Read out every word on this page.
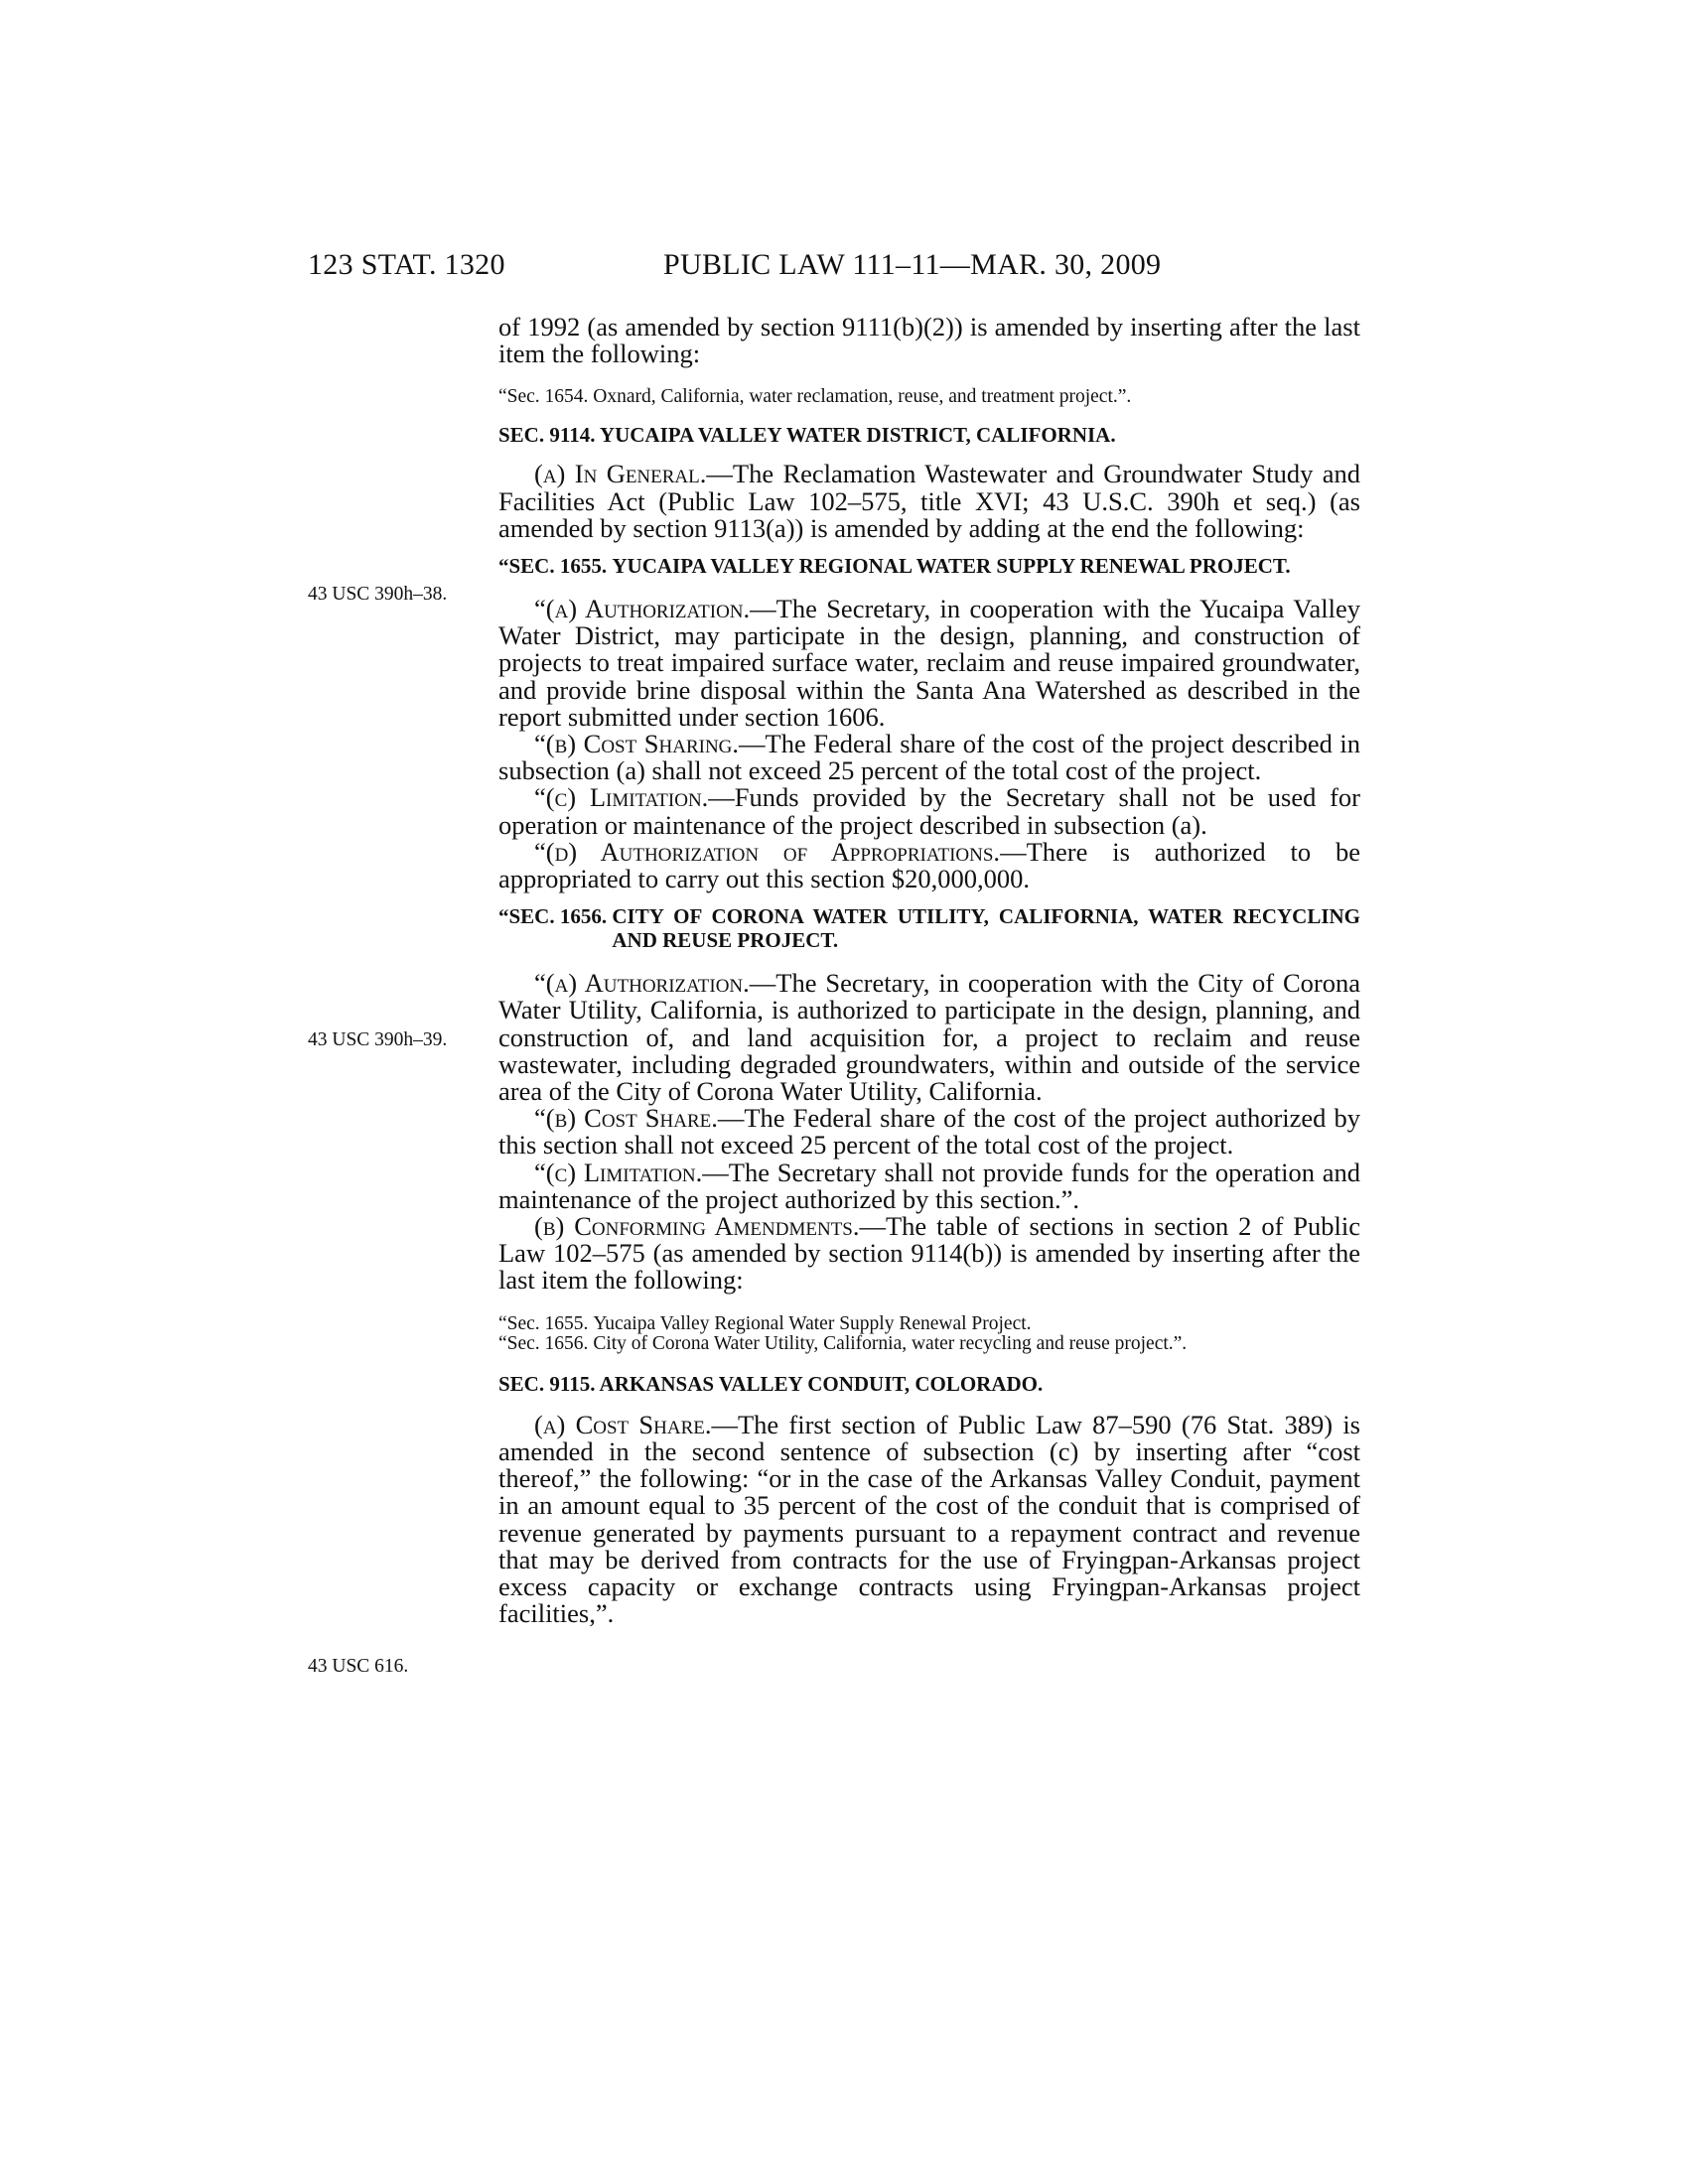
123 STAT. 1320	PUBLIC LAW 111–11—MAR. 30, 2009
43 USC 390h–38.
43 USC 390h–39.
43 USC 616.

of 1992 (as amended by section 9111(b)(2)) is amended by inserting after the last item the following:

“Sec. 1654. Oxnard, California, water reclamation, reuse, and treatment project.”.

SEC. 9114. YUCAIPA VALLEY WATER DISTRICT, CALIFORNIA.

(a) In General.—The Reclamation Wastewater and Groundwater Study and Facilities Act (Public Law 102–575, title XVI; 43 U.S.C. 390h et seq.) (as amended by section 9113(a)) is amended by adding at the end the following:

“SEC. 1655. YUCAIPA VALLEY REGIONAL WATER SUPPLY RENEWAL PROJECT.

“(a) Authorization.—The Secretary, in cooperation with the Yucaipa Valley Water District, may participate in the design, planning, and construction of projects to treat impaired surface water, reclaim and reuse impaired groundwater, and provide brine disposal within the Santa Ana Watershed as described in the report submitted under section 1606.

“(b) Cost Sharing.—The Federal share of the cost of the project described in subsection (a) shall not exceed 25 percent of the total cost of the project.

“(c) Limitation.—Funds provided by the Secretary shall not be used for operation or maintenance of the project described in subsection (a).

“(d) Authorization of Appropriations.—There is authorized to be appropriated to carry out this section $20,000,000.

“SEC. 1656. CITY OF CORONA WATER UTILITY, CALIFORNIA, WATER RECYCLING AND REUSE PROJECT.

“(a) Authorization.—The Secretary, in cooperation with the City of Corona Water Utility, California, is authorized to participate in the design, planning, and construction of, and land acquisition for, a project to reclaim and reuse wastewater, including degraded groundwaters, within and outside of the service area of the City of Corona Water Utility, California.

“(b) Cost Share.—The Federal share of the cost of the project authorized by this section shall not exceed 25 percent of the total cost of the project.

“(c) Limitation.—The Secretary shall not provide funds for the operation and maintenance of the project authorized by this section.”.

(b) Conforming Amendments.—The table of sections in section 2 of Public Law 102–575 (as amended by section 9114(b)) is amended by inserting after the last item the following:

“Sec. 1655. Yucaipa Valley Regional Water Supply Renewal Project.
“Sec. 1656. City of Corona Water Utility, California, water recycling and reuse project.”.

SEC. 9115. ARKANSAS VALLEY CONDUIT, COLORADO.

(a) Cost Share.—The first section of Public Law 87–590 (76 Stat. 389) is amended in the second sentence of subsection (c) by inserting after “cost thereof,” the following: “or in the case of the Arkansas Valley Conduit, payment in an amount equal to 35 percent of the cost of the conduit that is comprised of revenue generated by payments pursuant to a repayment contract and revenue that may be derived from contracts for the use of Fryingpan-Arkansas project excess capacity or exchange contracts using Fryingpan-Arkansas project facilities,”.
